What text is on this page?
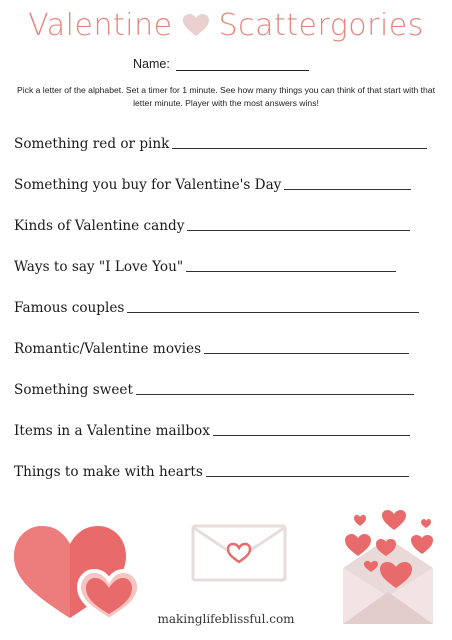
Valentine Scattergories
Name:
Pick a letter of the alphabet. Set a timer for 1 minute. See how many things you can think of that start with that letter minute. Player with the most answers wins!
Something red or pink
Something you buy for Valentine's Day
Kinds of Valentine candy
Ways to say "I Love You"
Famous couples
Romantic/Valentine movies
Something sweet
Items in a Valentine mailbox
Things to make with hearts
makinglifeblissful.com
